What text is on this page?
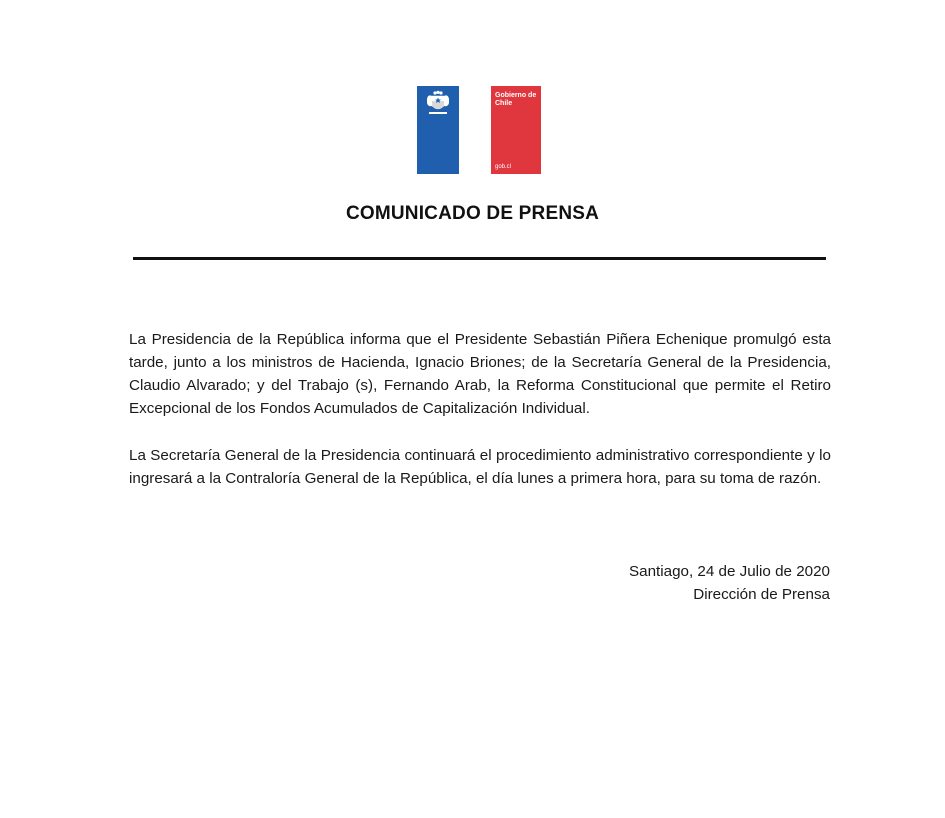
Gobierno de Chile
gob.cl
COMUNICADO DE PRENSA

La Presidencia de la República informa que el Presidente Sebastián Piñera Echenique promulgó esta tarde, junto a los ministros de Hacienda, Ignacio Briones; de la Secretaría General de la Presidencia, Claudio Alvarado; y del Trabajo (s), Fernando Arab, la Reforma Constitucional que permite el Retiro Excepcional de los Fondos Acumulados de Capitalización Individual.

La Secretaría General de la Presidencia continuará el procedimiento administrativo correspondiente y lo ingresará a la Contraloría General de la República, el día lunes a primera hora, para su toma de razón.

Santiago, 24 de Julio de 2020
Dirección de Prensa
